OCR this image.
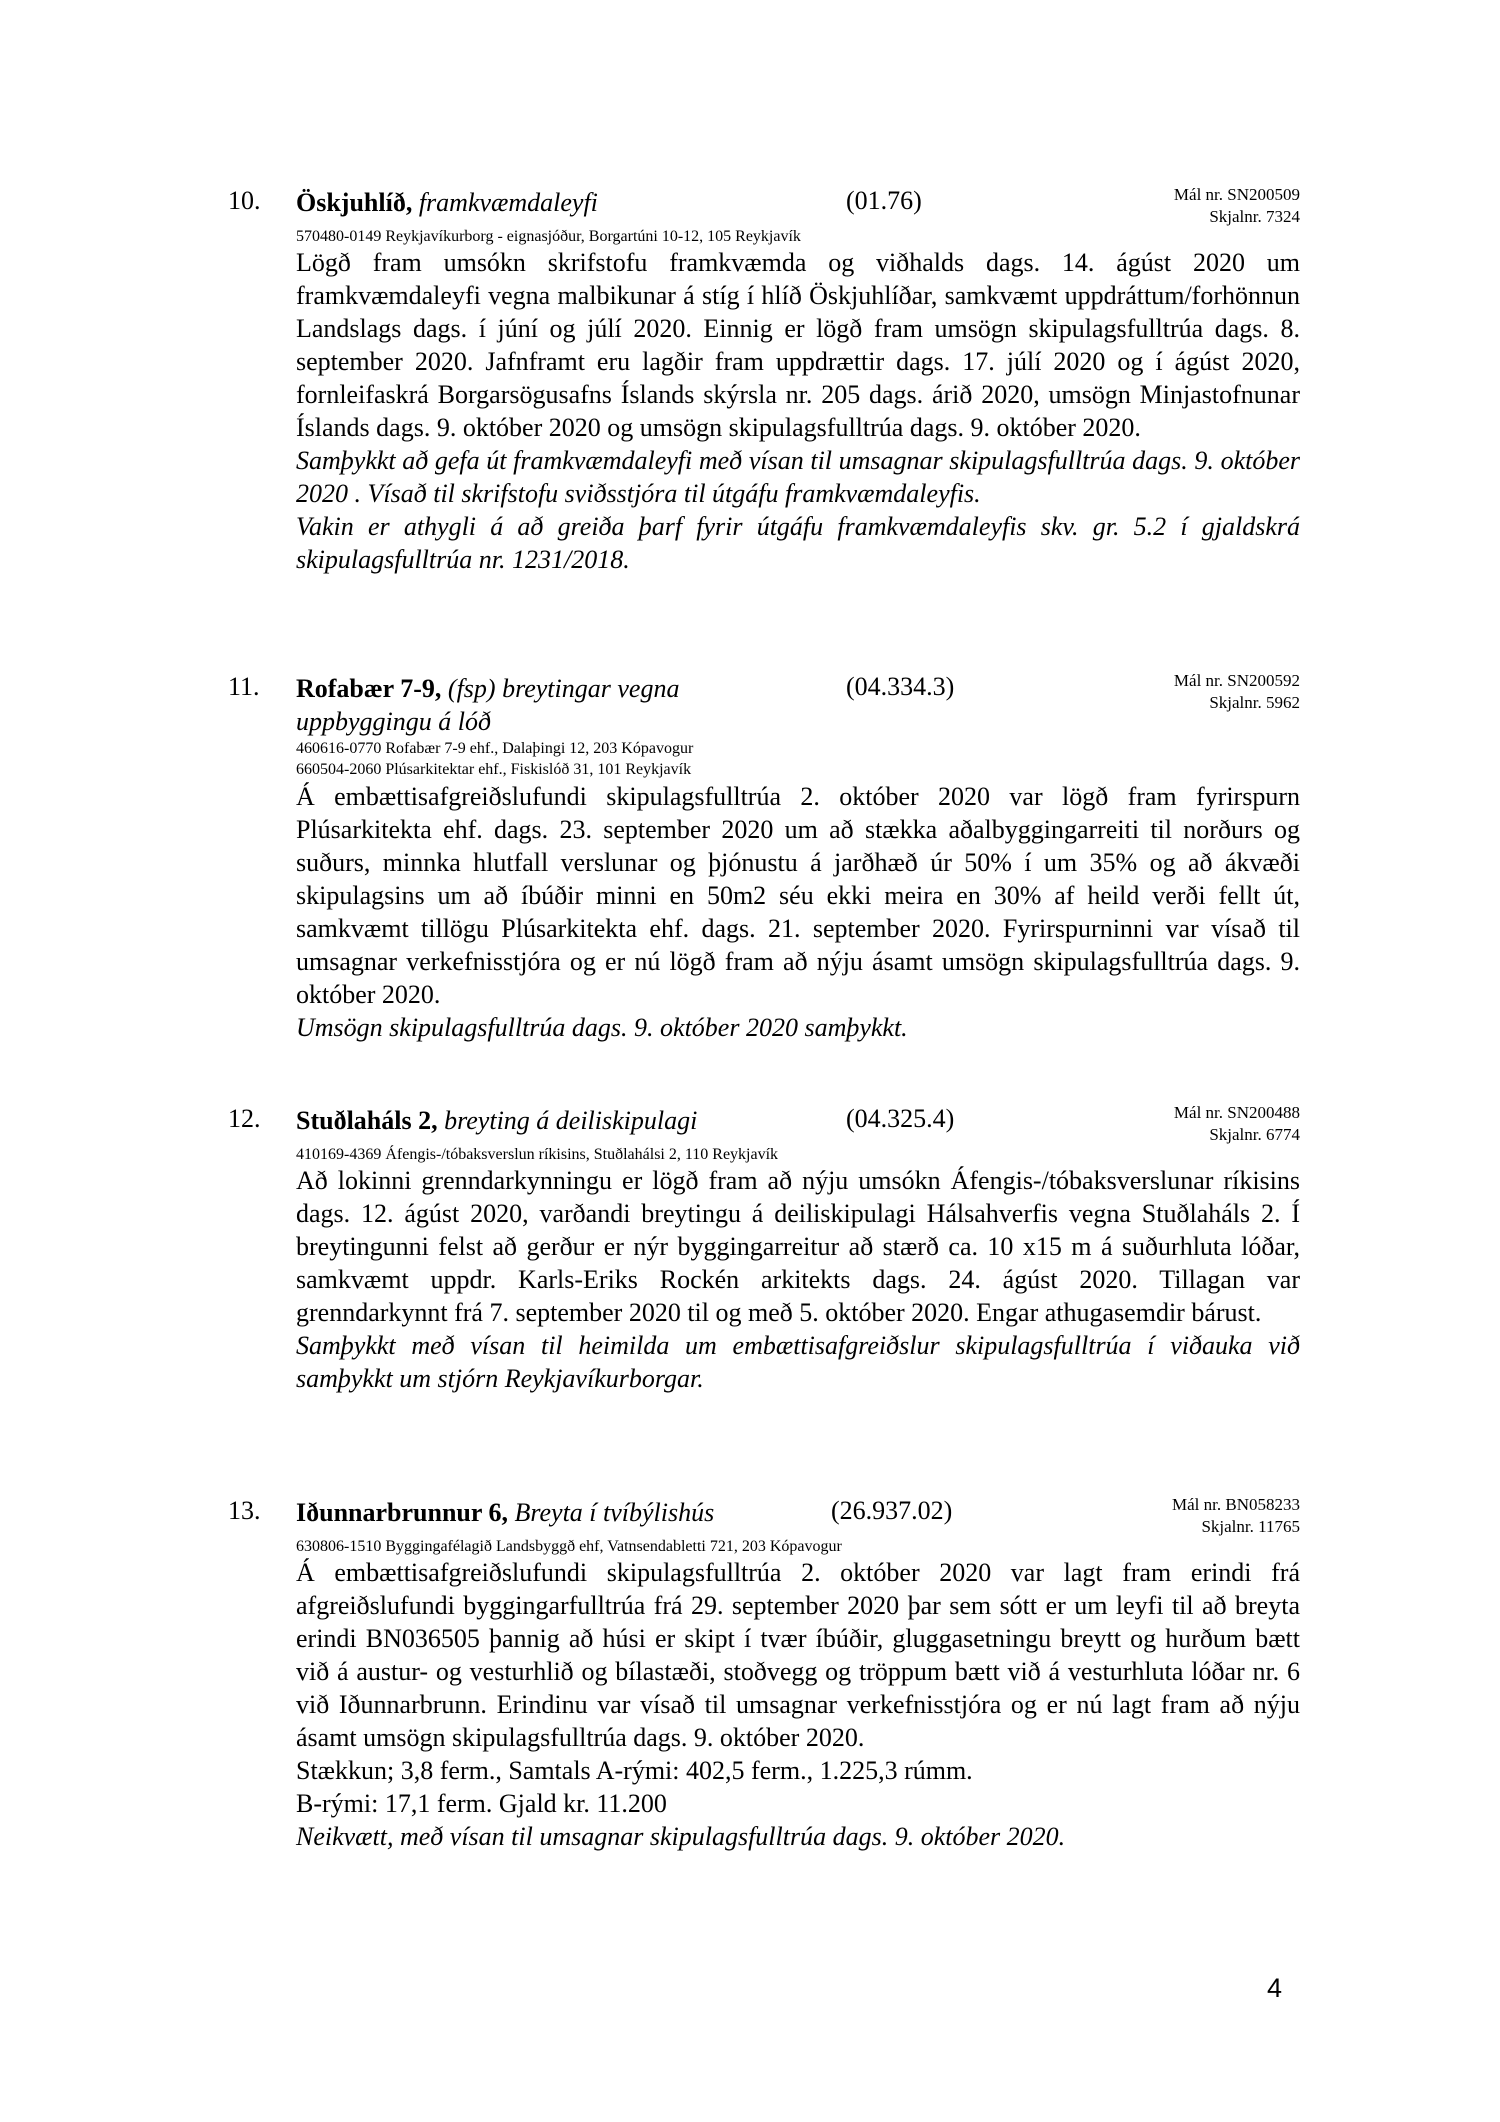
10. Öskjuhlíð, framkvæmdaleyfi	(01.76)	Mál nr. SN200509
Skjalnr. 7324
570480-0149 Reykjavíkurborg - eignasjóður, Borgartúni 10-12, 105 Reykjavík

Lögð fram umsókn skrifstofu framkvæmda og viðhalds dags. 14. ágúst 2020 um framkvæmdaleyfi vegna malbikunar á stíg í hlíð Öskjuhlíðar, samkvæmt uppdráttum/forhönnun Landslags dags. í júní og júlí 2020. Einnig er lögð fram umsögn skipulagsfulltrúa dags. 8. september 2020. Jafnframt eru lagðir fram uppdrættir dags. 17. júlí 2020 og í ágúst 2020, fornleifaskrá Borgarsögusafns Íslands skýrsla nr. 205 dags. árið 2020, umsögn Minjastofnunar Íslands dags. 9. október 2020 og umsögn skipulagsfulltrúa dags. 9. október 2020.

Samþykkt að gefa út framkvæmdaleyfi með vísan til umsagnar skipulagsfulltrúa dags. 9. október 2020 . Vísað til skrifstofu sviðsstjóra til útgáfu framkvæmdaleyfis.

Vakin er athygli á að greiða þarf fyrir útgáfu framkvæmdaleyfis skv. gr. 5.2 í gjaldskrá skipulagsfulltrúa nr. 1231/2018.

11. Rofabær 7-9, (fsp) breytingar vegna uppbyggingu á lóð
(04.334.3)	Mál nr. SN200592
Skjalnr. 5962
460616-0770 Rofabær 7-9 ehf., Dalaþingi 12, 203 Kópavogur
660504-2060 Plúsarkitektar ehf., Fiskislóð 31, 101 Reykjavík

Á embættisafgreiðslufundi skipulagsfulltrúa 2. október 2020 var lögð fram fyrirspurn Plúsarkitekta ehf. dags. 23. september 2020 um að stækka aðalbyggingarreiti til norðurs og suðurs, minnka hlutfall verslunar og þjónustu á jarðhæð úr 50% í um 35% og að ákvæði skipulagsins um að íbúðir minni en 50m2 séu ekki meira en 30% af heild verði fellt út, samkvæmt tillögu Plúsarkitekta ehf. dags. 21. september 2020. Fyrirspurninni var vísað til umsagnar verkefnisstjóra og er nú lögð fram að nýju ásamt umsögn skipulagsfulltrúa dags. 9. október 2020.

Umsögn skipulagsfulltrúa dags. 9. október 2020 samþykkt.

12. Stuðlaháls 2, breyting á deiliskipulagi	(04.325.4)	Mál nr. SN200488
Skjalnr. 6774
410169-4369 Áfengis-/tóbaksverslun ríkisins, Stuðlahálsi 2, 110 Reykjavík

Að lokinni grenndarkynningu er lögð fram að nýju umsókn Áfengis-/tóbaksverslunar ríkisins dags. 12. ágúst 2020, varðandi breytingu á deiliskipulagi Hálsahverfis vegna Stuðlaháls 2. Í breytingunni felst að gerður er nýr byggingarreitur að stærð ca. 10 x15 m á suðurhluta lóðar, samkvæmt uppdr. Karls-Eriks Rockén arkitekts dags. 24. ágúst 2020. Tillagan var grenndarkynnt frá 7. september 2020 til og með 5. október 2020. Engar athugasemdir bárust.

Samþykkt með vísan til heimilda um embættisafgreiðslur skipulagsfulltrúa í viðauka við samþykkt um stjórn Reykjavíkurborgar.

13. Iðunnarbrunnur 6, Breyta í tvíbýlishús	(26.937.02)	Mál nr. BN058233
Skjalnr. 11765
630806-1510 Byggingafélagið Landsbyggð ehf, Vatnsendabletti 721, 203 Kópavogur

Á embættisafgreiðslufundi skipulagsfulltrúa 2. október 2020 var lagt fram erindi frá afgreiðslufundi byggingarfulltrúa frá 29. september 2020 þar sem sótt er um leyfi til að breyta erindi BN036505 þannig að húsi er skipt í tvær íbúðir, gluggasetningu breytt og hurðum bætt við á austur- og vesturhlið og bílastæði, stoðvegg og tröppum bætt við á vesturhluta lóðar nr. 6 við Iðunnarbrunn. Erindinu var vísað til umsagnar verkefnisstjóra og er nú lagt fram að nýju ásamt umsögn skipulagsfulltrúa dags. 9. október 2020.

Stækkun; 3,8 ferm., Samtals A-rými: 402,5 ferm., 1.225,3 rúmm.

B-rými: 17,1 ferm. Gjald kr. 11.200

Neikvætt, með vísan til umsagnar skipulagsfulltrúa dags. 9. október 2020.

4
